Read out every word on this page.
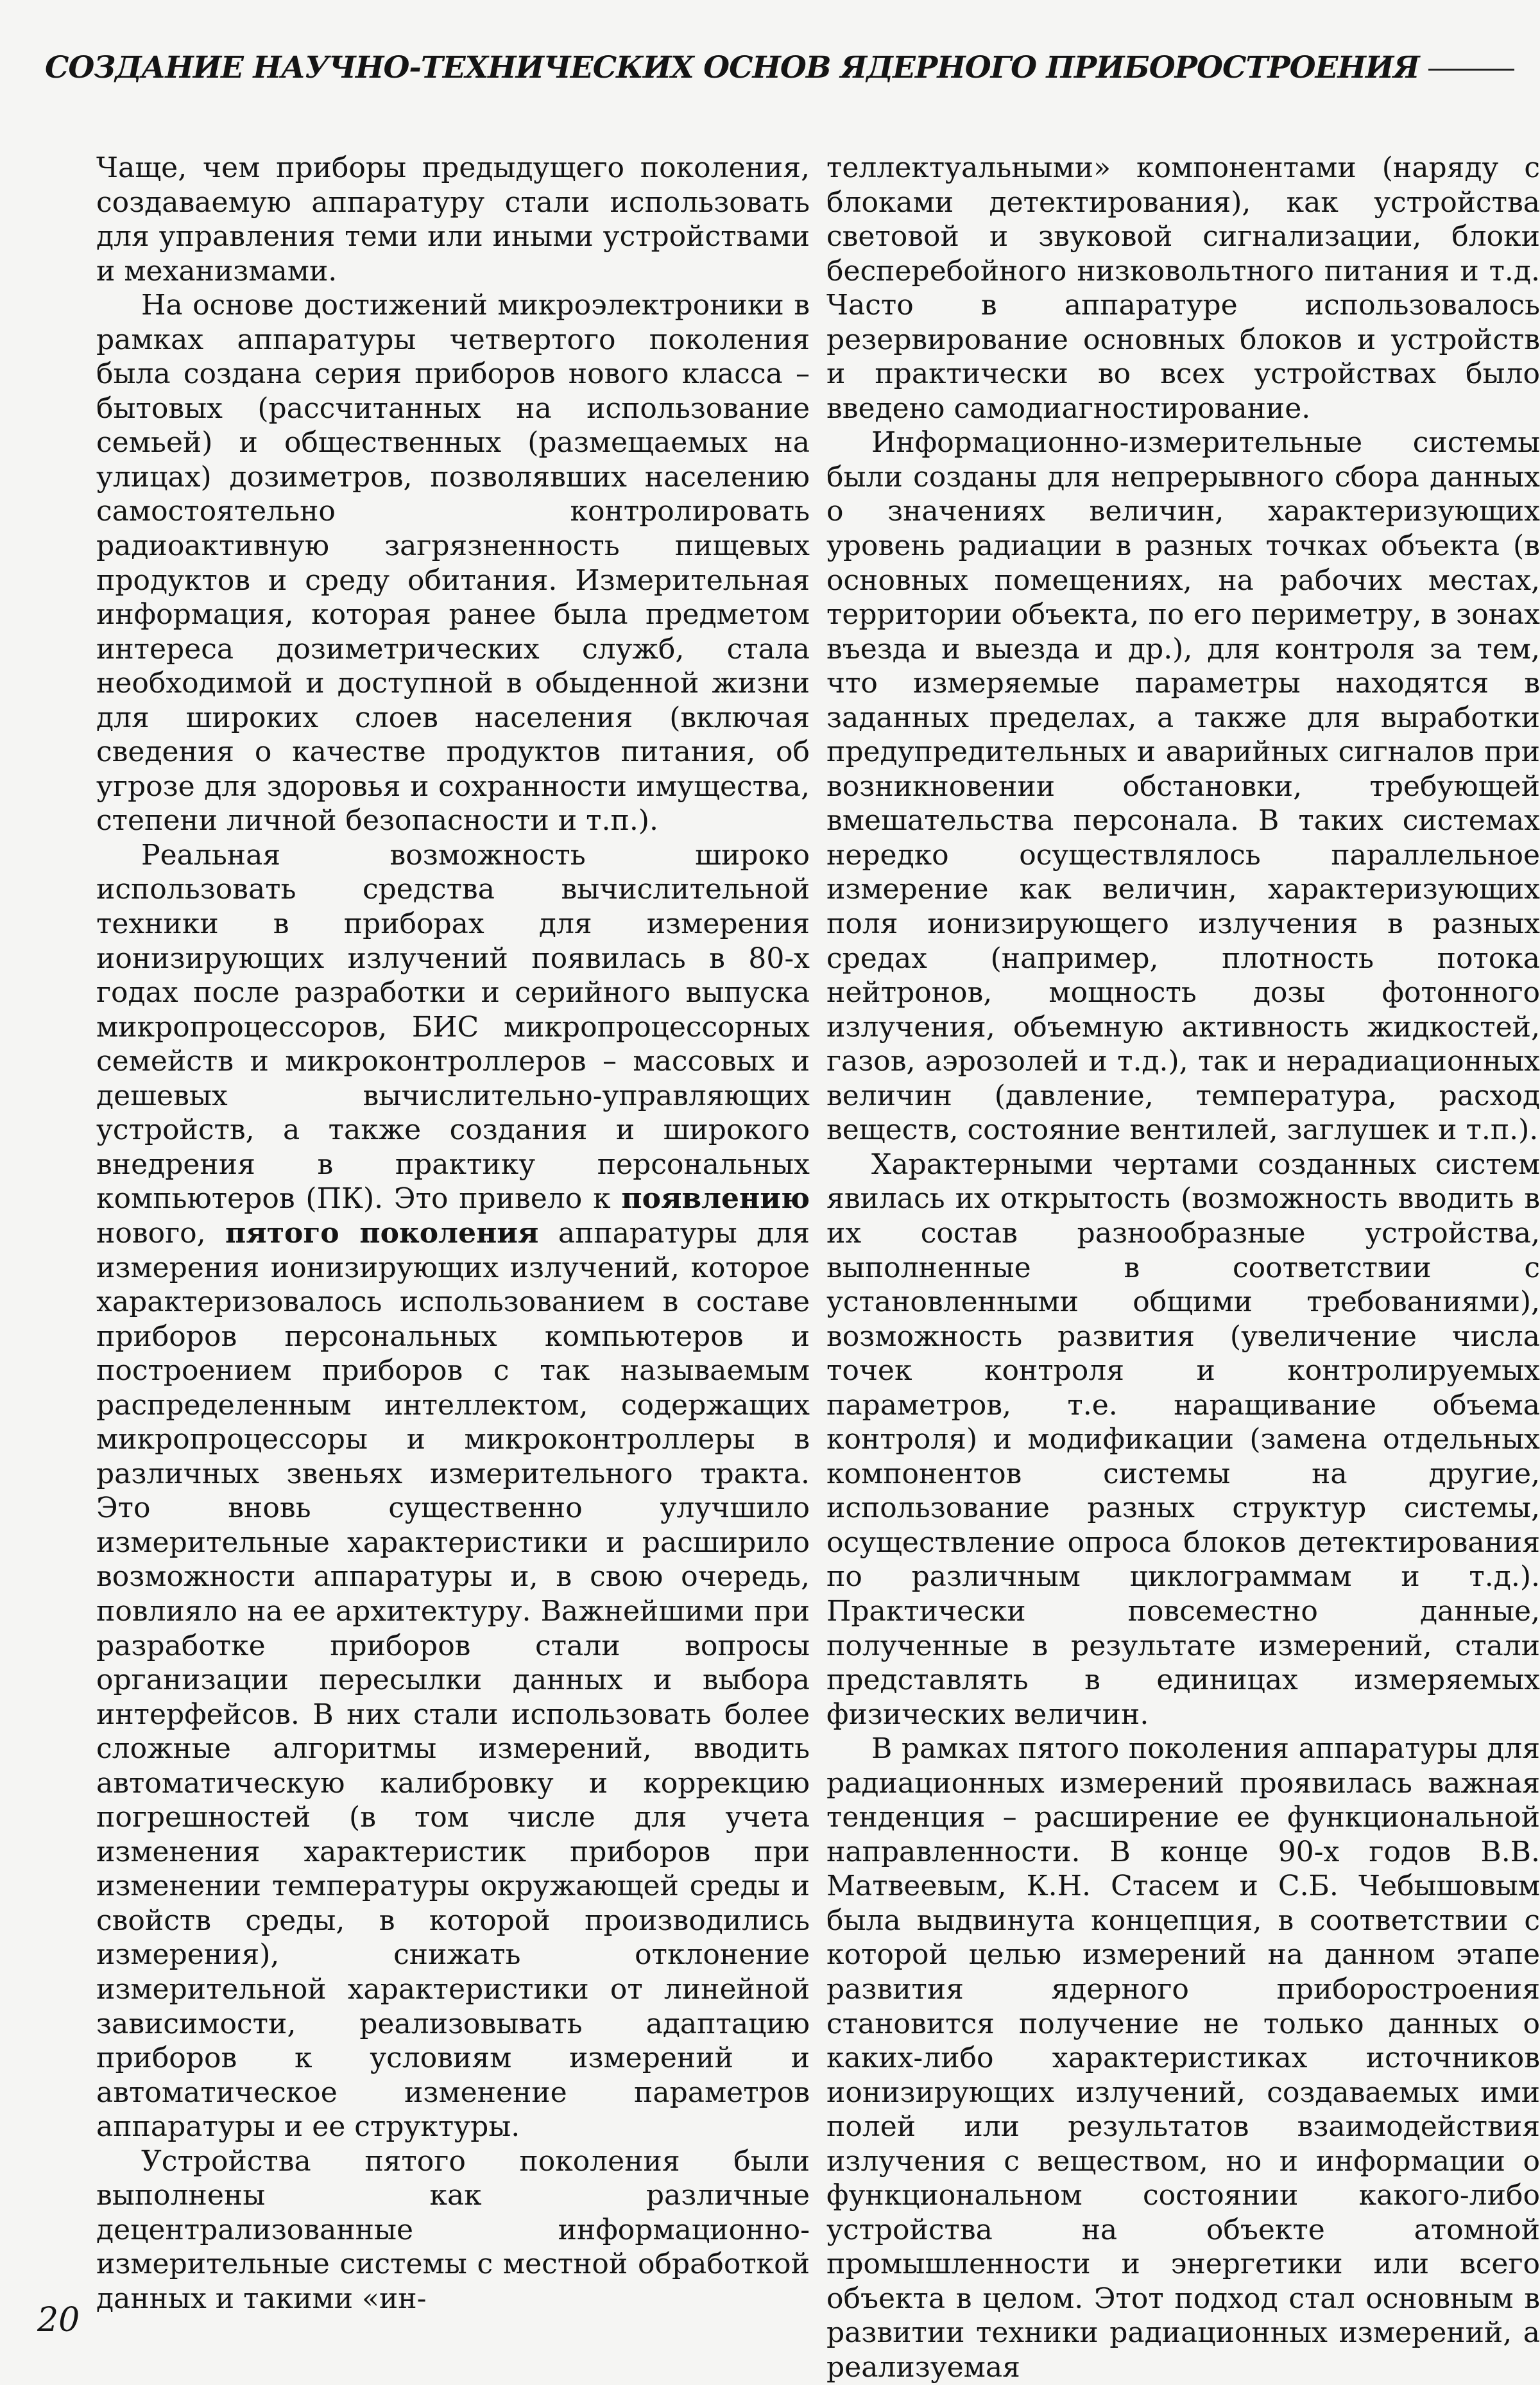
СОЗДАНИЕ НАУЧНО-ТЕХНИЧЕСКИХ ОСНОВ ЯДЕРНОГО ПРИБОРОСТРОЕНИЯ

Чаще, чем приборы предыдущего поколения, создаваемую аппаратуру стали использовать для управления теми или иными устройствами и механизмами.

На основе достижений микроэлектроники в рамках аппаратуры четвертого поколения была создана серия приборов нового класса – бытовых (рассчитанных на использование семьей) и общественных (размещаемых на улицах) дозиметров, позволявших населению самостоятельно контролировать радиоактивную загрязненность пищевых продуктов и среду обитания. Измерительная информация, которая ранее была предметом интереса дозиметрических служб, стала необходимой и доступной в обыденной жизни для широких слоев населения (включая сведения о качестве продуктов питания, об угрозе для здоровья и сохранности имущества, степени личной безопасности и т.п.).

Реальная возможность широко использовать средства вычислительной техники в приборах для измерения ионизирующих излучений появилась в 80-х годах после разработки и серийного выпуска микропроцессоров, БИС микропроцессорных семейств и микроконтроллеров – массовых и дешевых вычислительно-управляющих устройств, а также создания и широкого внедрения в практику персональных компьютеров (ПК). Это привело к появлению нового, пятого поколения аппаратуры для измерения ионизирующих излучений, которое характеризовалось использованием в составе приборов персональных компьютеров и построением приборов с так называемым распределенным интеллектом, содержащих микропроцессоры и микроконтроллеры в различных звеньях измерительного тракта. Это вновь существенно улучшило измерительные характеристики и расширило возможности аппаратуры и, в свою очередь, повлияло на ее архитектуру. Важнейшими при разработке приборов стали вопросы организации пересылки данных и выбора интерфейсов. В них стали использовать более сложные алгоритмы измерений, вводить автоматическую калибровку и коррекцию погрешностей (в том числе для учета изменения характеристик приборов при изменении температуры окружающей среды и свойств среды, в которой производились измерения), снижать отклонение измерительной характеристики от линейной зависимости, реализовывать адаптацию приборов к условиям измерений и автоматическое изменение параметров аппаратуры и ее структуры.

Устройства пятого поколения были выполнены как различные децентрализованные информационно-измерительные системы с местной обработкой данных и такими «ин-

теллектуальными» компонентами (наряду с блоками детектирования), как устройства световой и звуковой сигнализации, блоки бесперебойного низковольтного питания и т.д. Часто в аппаратуре использовалось резервирование основных блоков и устройств и практически во всех устройствах было введено самодиагностирование.

Информационно-измерительные системы были созданы для непрерывного сбора данных о значениях величин, характеризующих уровень радиации в разных точках объекта (в основных помещениях, на рабочих местах, территории объекта, по его периметру, в зонах въезда и выезда и др.), для контроля за тем, что измеряемые параметры находятся в заданных пределах, а также для выработки предупредительных и аварийных сигналов при возникновении обстановки, требующей вмешательства персонала. В таких системах нередко осуществлялось параллельное измерение как величин, характеризующих поля ионизирующего излучения в разных средах (например, плотность потока нейтронов, мощность дозы фотонного излучения, объемную активность жидкостей, газов, аэрозолей и т.д.), так и нерадиационных величин (давление, температура, расход веществ, состояние вентилей, заглушек и т.п.).

Характерными чертами созданных систем явилась их открытость (возможность вводить в их состав разнообразные устройства, выполненные в соответствии с установленными общими требованиями), возможность развития (увеличение числа точек контроля и контролируемых параметров, т.е. наращивание объема контроля) и модификации (замена отдельных компонентов системы на другие, использование разных структур системы, осуществление опроса блоков детектирования по различным циклограммам и т.д.). Практически повсеместно данные, полученные в результате измерений, стали представлять в единицах измеряемых физических величин.

В рамках пятого поколения аппаратуры для радиационных измерений проявилась важная тенденция – расширение ее функциональной направленности. В конце 90-х годов В.В. Матвеевым, К.Н. Стасем и С.Б. Чебышовым была выдвинута концепция, в соответствии с которой целью измерений на данном этапе развития ядерного приборостроения становится получение не только данных о каких-либо характеристиках источников ионизирующих излучений, создаваемых ими полей или результатов взаимодействия излучения с веществом, но и информации о функциональном состоянии какого-либо устройства на объекте атомной промышленности и энергетики или всего объекта в целом. Этот подход стал основным в развитии техники радиационных измерений, а реализуемая

20
